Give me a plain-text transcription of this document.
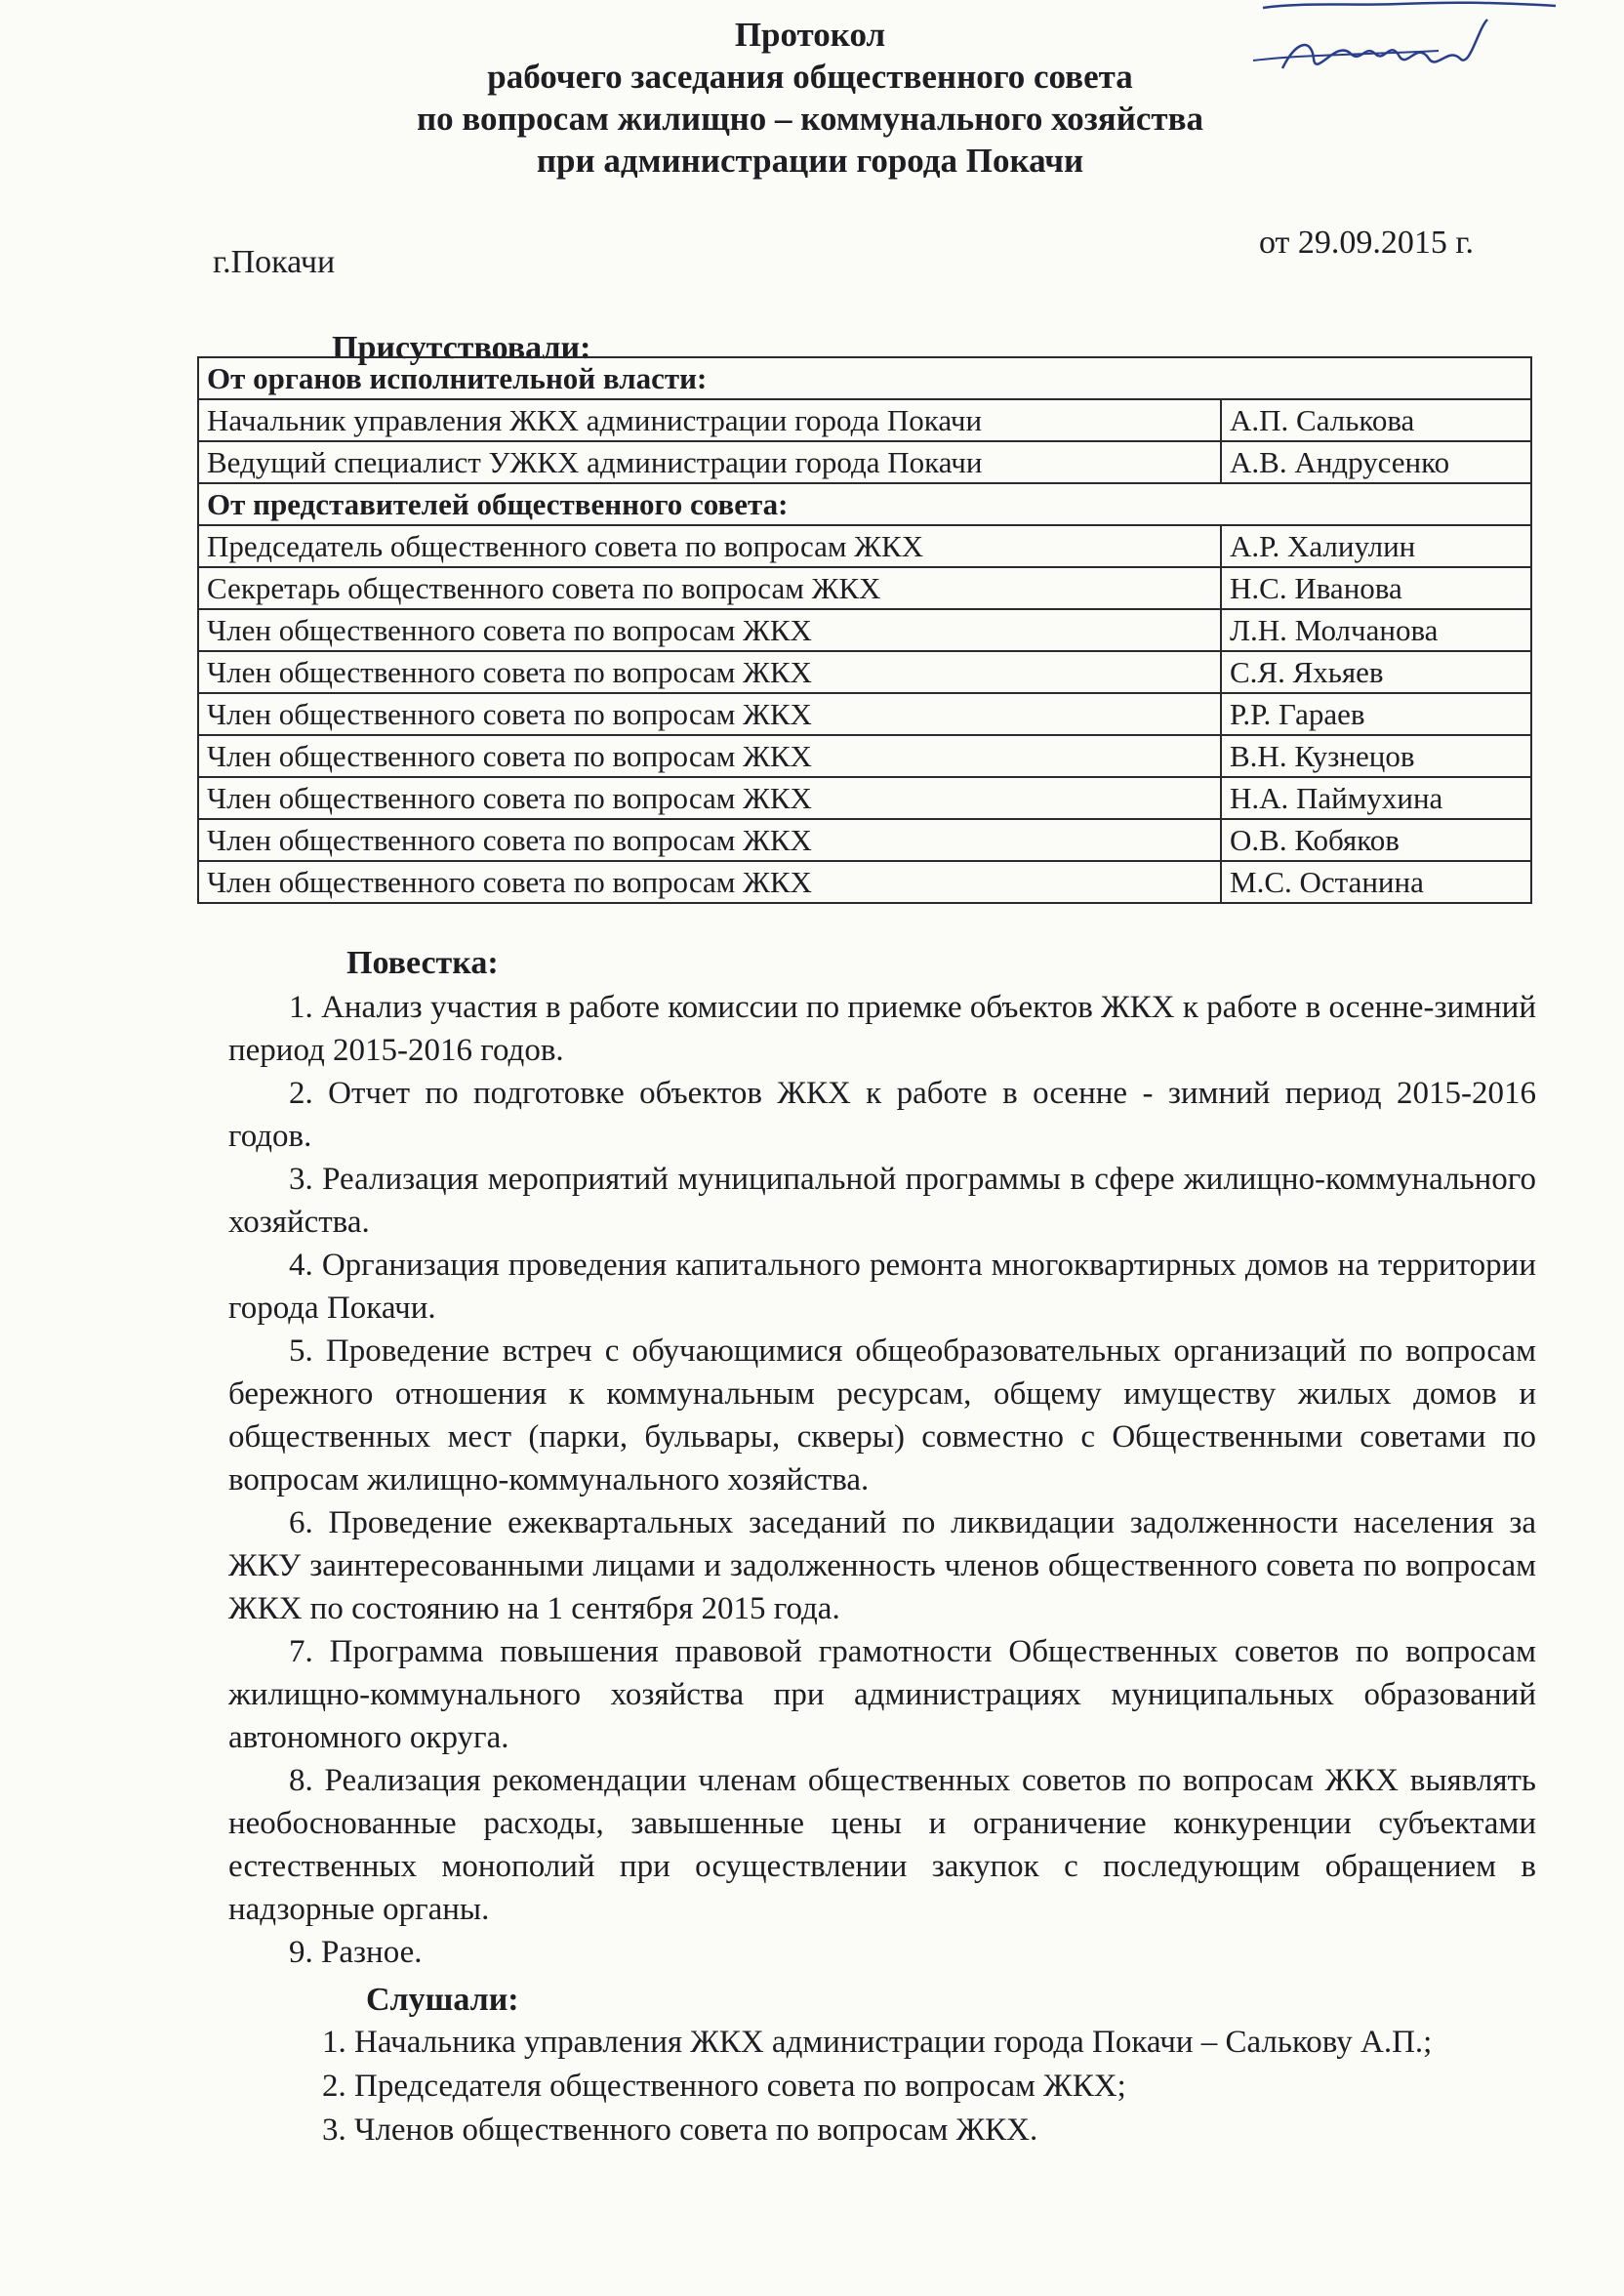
Протокол
рабочего заседания общественного совета
по вопросам жилищно – коммунального хозяйства
при администрации города Покачи
г.Покачи
от 29.09.2015 г.
Присутствовали:
От органов исполнительной власти:	
Начальник управления ЖКХ администрации города Покачи	А.П. Салькова
Ведущий специалист УЖКХ администрации города Покачи	А.В. Андрусенко
От представителей общественного совета:	
Председатель общественного совета по вопросам ЖКХ	А.Р. Халиулин
Секретарь общественного совета по вопросам ЖКХ	Н.С. Иванова
Член общественного совета по вопросам ЖКХ	Л.Н. Молчанова
Член общественного совета по вопросам ЖКХ	С.Я. Яхьяев
Член общественного совета по вопросам ЖКХ	Р.Р. Гараев
Член общественного совета по вопросам ЖКХ	В.Н. Кузнецов
Член общественного совета по вопросам ЖКХ	Н.А. Паймухина
Член общественного совета по вопросам ЖКХ	О.В. Кобяков
Член общественного совета по вопросам ЖКХ	М.С. Останина
Повестка:

1. Анализ участия в работе комиссии по приемке объектов ЖКХ к работе в осенне-зимний период 2015-2016 годов.

2. Отчет по подготовке объектов ЖКХ к работе в осенне - зимний период 2015-2016 годов.

3. Реализация мероприятий муниципальной программы в сфере жилищно-коммунального хозяйства.

4. Организация проведения капитального ремонта многоквартирных домов на территории города Покачи.

5. Проведение встреч с обучающимися общеобразовательных организаций по вопросам бережного отношения к коммунальным ресурсам, общему имуществу жилых домов и общественных мест (парки, бульвары, скверы) совместно с Общественными советами по вопросам жилищно-коммунального хозяйства.

6. Проведение ежеквартальных заседаний по ликвидации задолженности населения за ЖКУ заинтересованными лицами и задолженность членов общественного совета по вопросам ЖКХ по состоянию на 1 сентября 2015 года.

7. Программа повышения правовой грамотности Общественных советов по вопросам жилищно-коммунального хозяйства при администрациях муниципальных образований автономного округа.

8. Реализация рекомендации членам общественных советов по вопросам ЖКХ выявлять необоснованные расходы, завышенные цены и ограничение конкуренции субъектами естественных монополий при осуществлении закупок с последующим обращением в надзорные органы.

9. Разное.

Слушали:

1. Начальника управления ЖКХ администрации города Покачи – Салькову А.П.;

2. Председателя общественного совета по вопросам ЖКХ;

3. Членов общественного совета по вопросам ЖКХ.
